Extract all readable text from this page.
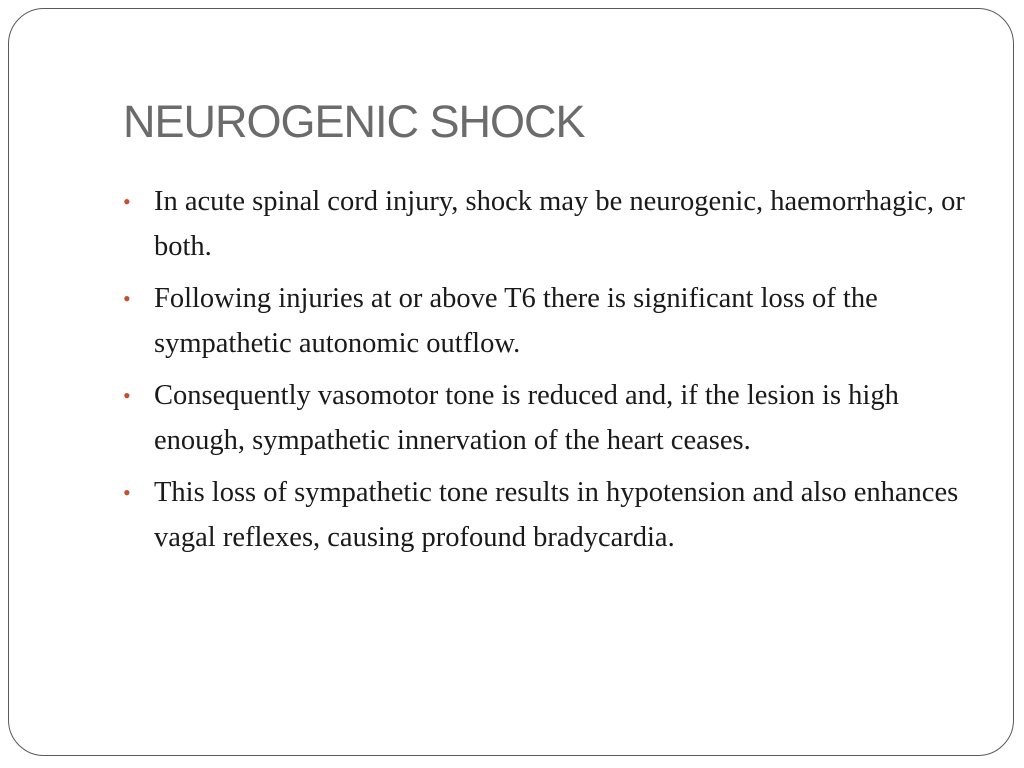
NEUROGENIC SHOCK
• In acute spinal cord injury, shock may be neurogenic, haemorrhagic, or both.
• Following injuries at or above T6 there is significant loss of the sympathetic autonomic outflow.
• Consequently vasomotor tone is reduced and, if the lesion is high enough, sympathetic innervation of the heart ceases.
• This loss of sympathetic tone results in hypotension and also enhances vagal reflexes, causing profound bradycardia.
